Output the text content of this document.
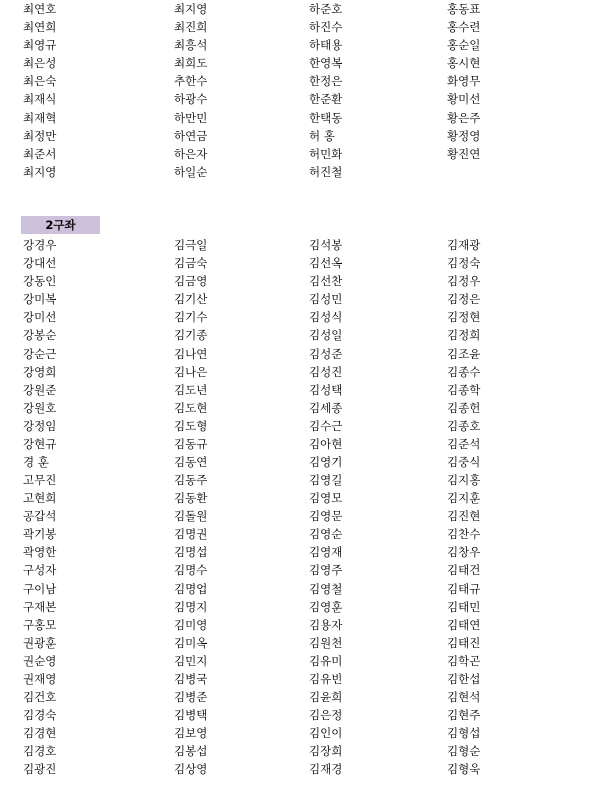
최연호	최지영	하준호	홍동표
최연희	최진희	하진수	홍수련
최영규	최흥석	하태용	홍순일
최은성	최희도	한영복	홍시현
최은숙	추한수	한정은	화영무
최재식	하광수	한준환	황미선
최재혁	하만민	한택동	황은주
최정만	하연금	허 홍	황정영
최준서	하은자	허민화	황진연
최지영	하일순	허진철
2구좌
강경우	김극일	김석봉	김재광
강대선	김금숙	김선옥	김정숙
강동인	김금영	김선찬	김정우
강미복	김기산	김성민	김정은
강미선	김기수	김성식	김정현
강봉순	김기종	김성일	김정희
강순근	김나연	김성준	김조윤
강영희	김나은	김성진	김종수
강원준	김도년	김성택	김종학
강원호	김도현	김세종	김종헌
강정임	김도형	김수근	김종호
강현규	김동규	김아현	김준석
경 훈	김동연	김영기	김중식
고무진	김동주	김영길	김지홍
고현희	김동환	김영모	김지훈
공갑석	김돌원	김영문	김진현
곽기봉	김명권	김영순	김찬수
곽영한	김명섭	김영재	김창우
구성자	김명수	김영주	김태건
구이남	김명업	김영철	김태규
구재본	김명지	김영훈	김태민
구홍모	김미영	김용자	김태연
권광훈	김미옥	김원천	김태진
권순영	김민지	김유미	김학곤
권재영	김병국	김유빈	김한섭
김건호	김병준	김윤희	김현석
김경숙	김병택	김은정	김현주
김경현	김보영	김인이	김형섭
김경호	김봉섭	김장희	김형순
김광진	김상영	김재경	김형욱
